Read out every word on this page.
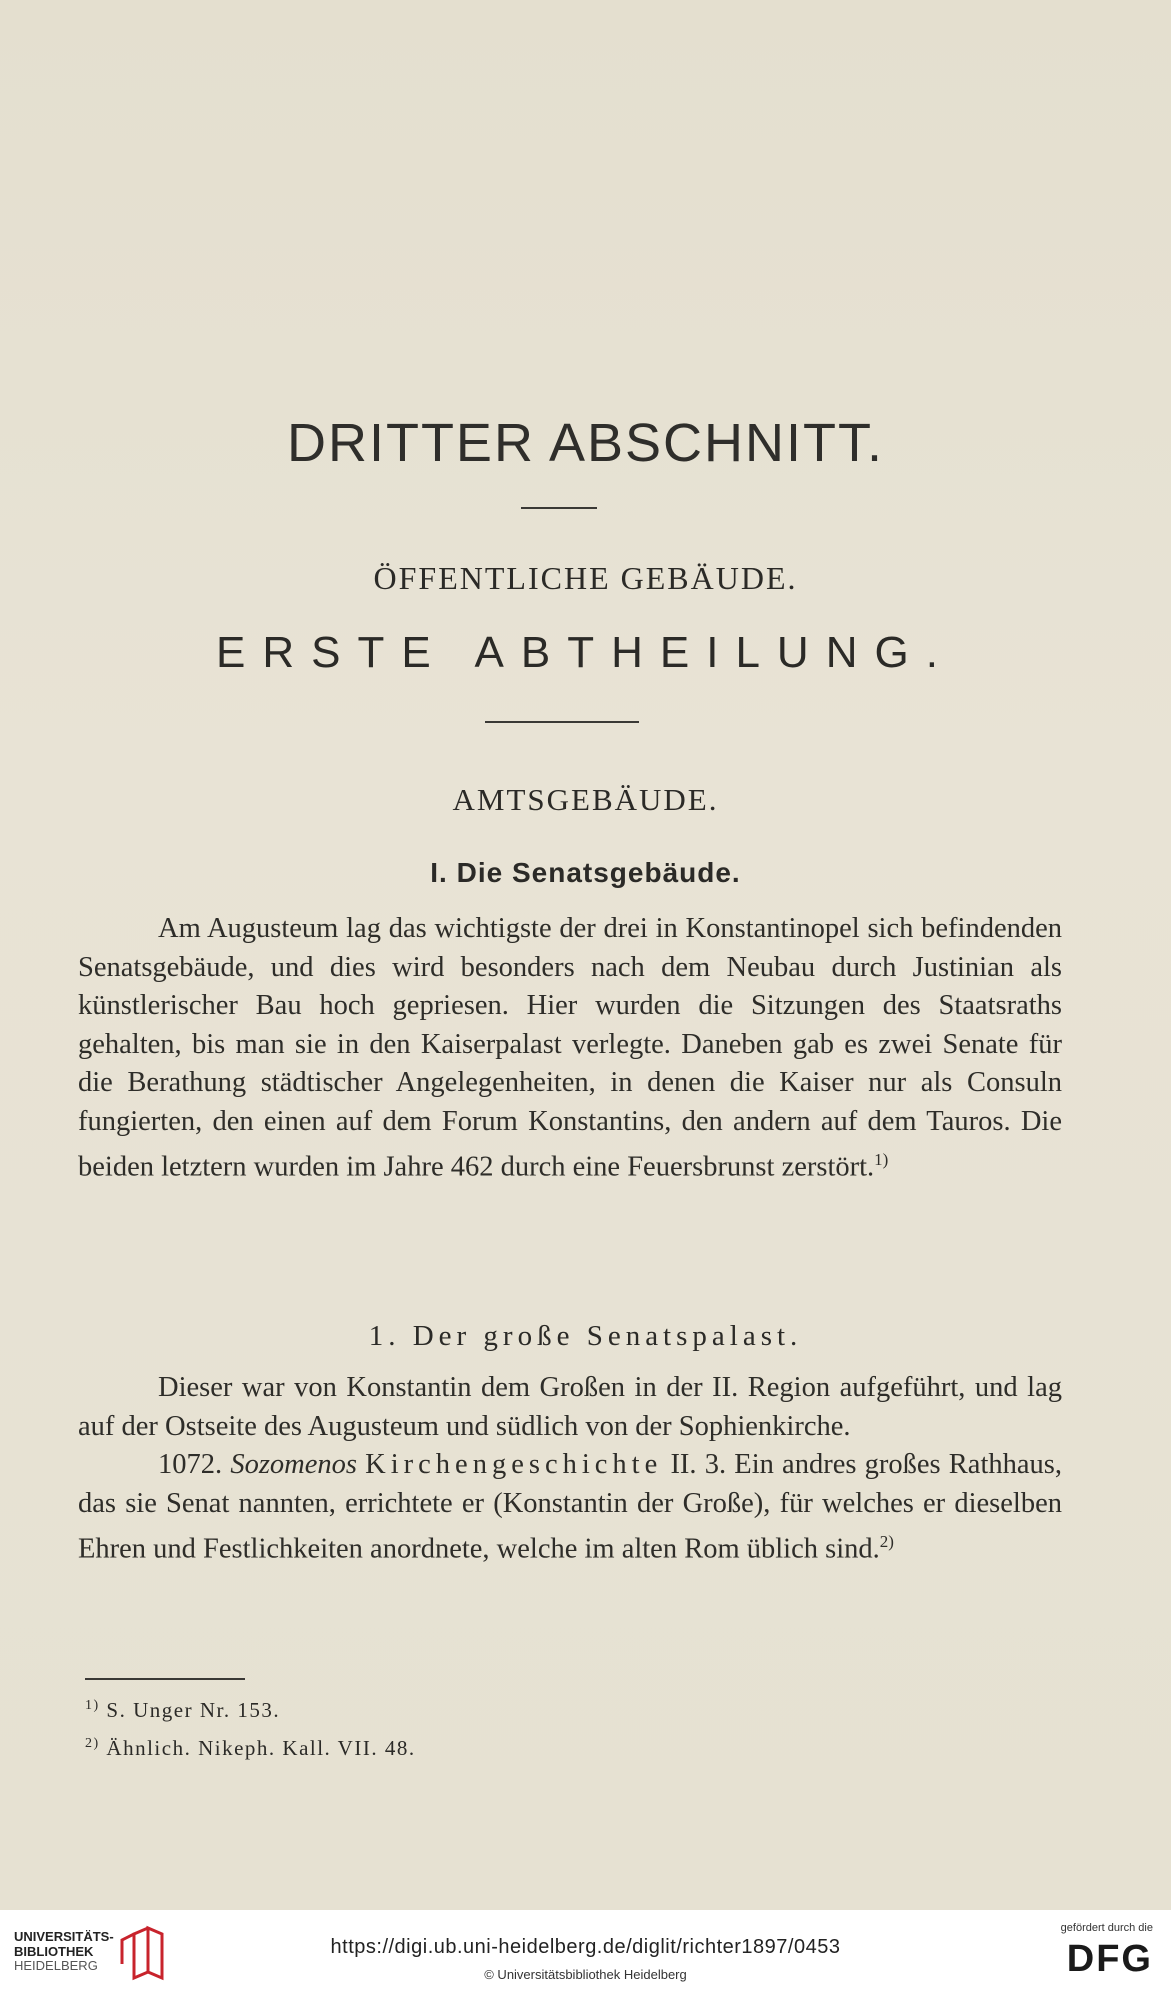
DRITTER ABSCHNITT.
ÖFFENTLICHE GEBÄUDE.
ERSTE ABTHEILUNG.
AMTSGEBÄUDE.
I. Die Senatsgebäude.

Am Augusteum lag das wichtigste der drei in Konstantinopel sich befindenden Senatsgebäude, und dies wird besonders nach dem Neubau durch Justinian als künstlerischer Bau hoch gepriesen. Hier wurden die Sitzungen des Staatsraths gehalten, bis man sie in den Kaiserpalast verlegte. Daneben gab es zwei Senate für die Berathung städtischer Angelegenheiten, in denen die Kaiser nur als Consuln fungierten, den einen auf dem Forum Konstantins, den andern auf dem Tauros. Die beiden letztern wurden im Jahre 462 durch eine Feuersbrunst zerstört.$^{1)}$

1. Der große Senatspalast.

Dieser war von Konstantin dem Großen in der II. Region aufgeführt, und lag auf der Ostseite des Augusteum und südlich von der Sophienkirche.

1072. Sozomenos Kirchengeschichte II. 3. Ein andres großes Rathhaus, das sie Senat nannten, errichtete er (Konstantin der Große), für welches er dieselben Ehren und Festlichkeiten anordnete, welche im alten Rom üblich sind.$^{2)}$

$^{1)}$ S. Unger Nr. 153.
$^{2)}$ Ähnlich. Nikeph. Kall. VII. 48.
UNIVERSITÄTS-
BIBLIOTHEK
HEIDELBERG
https://digi.ub.uni-heidelberg.de/diglit/richter1897/0453
© Universitätsbibliothek Heidelberg
gefördert durch die
DFG
